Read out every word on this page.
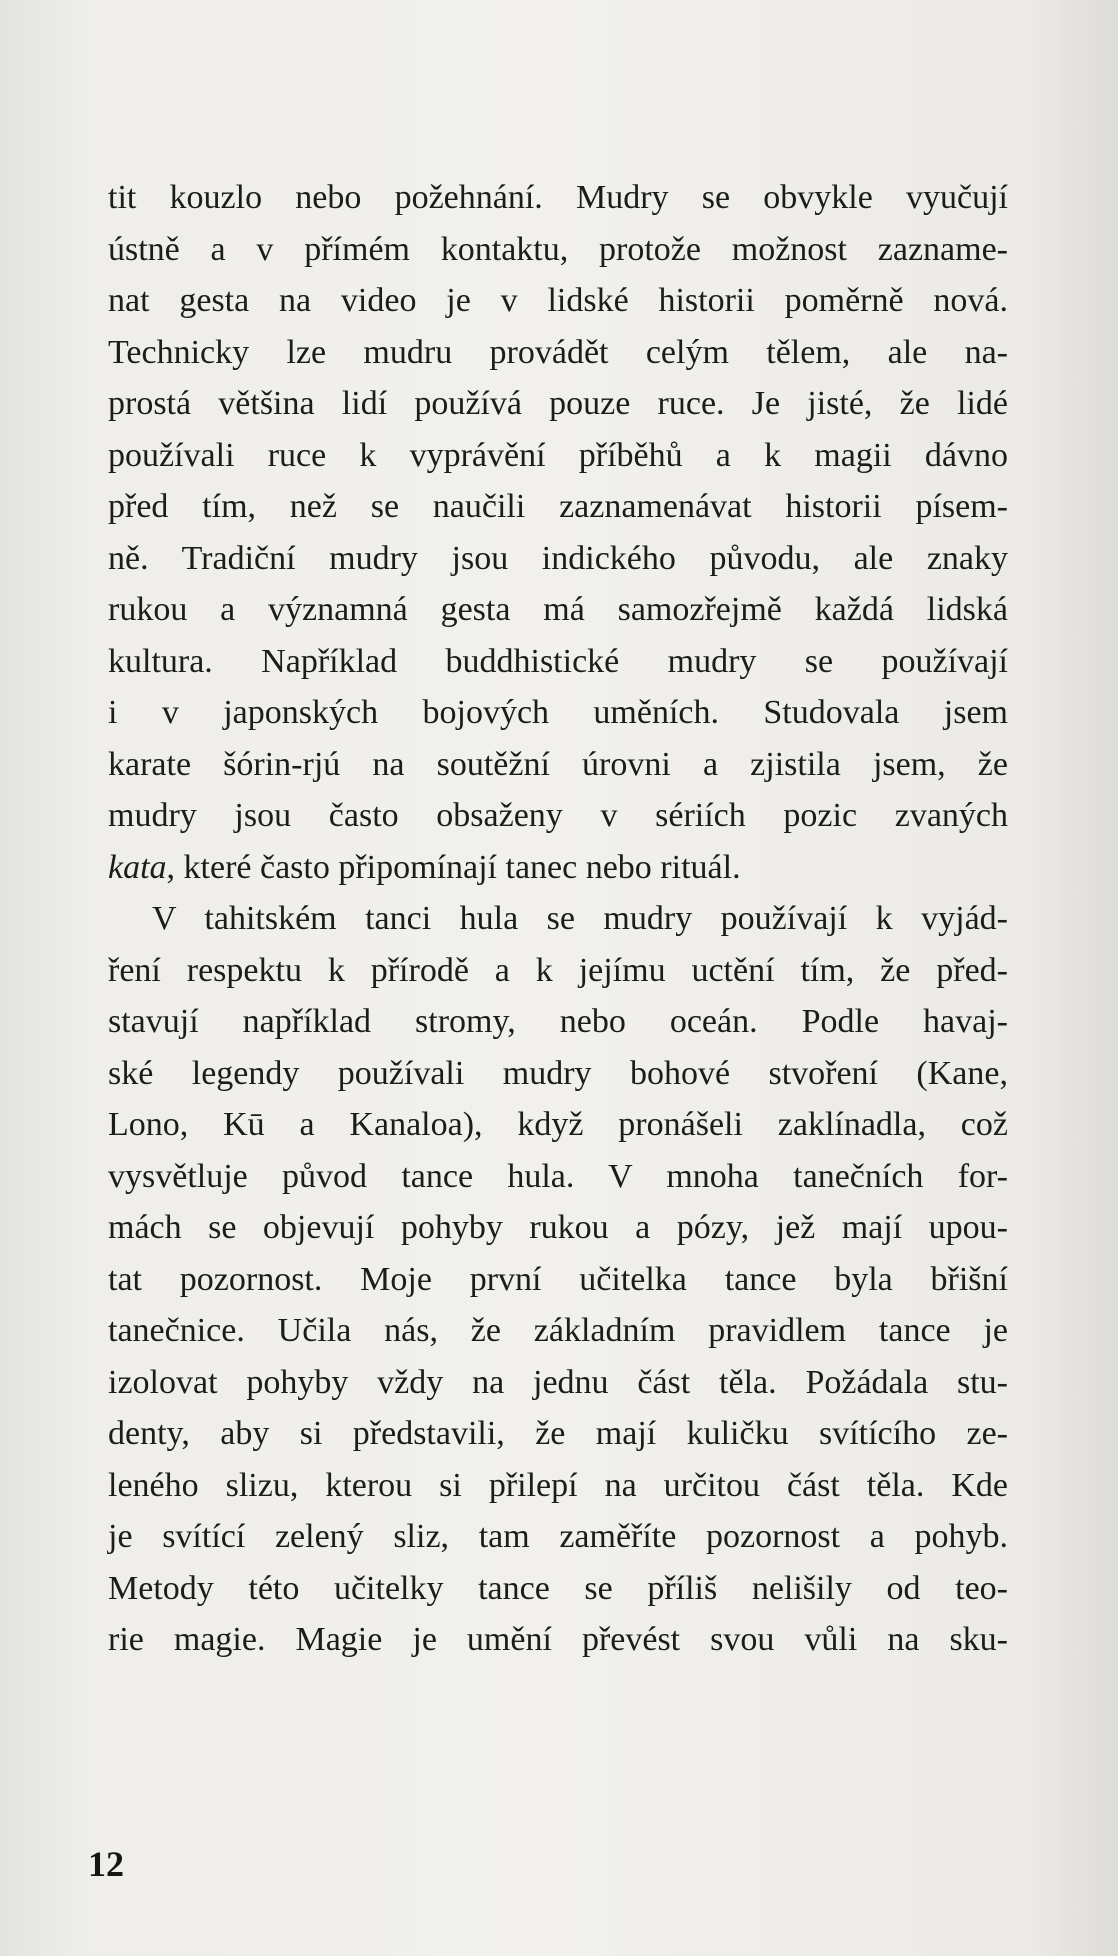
tit kouzlo nebo požehnání. Mudry se obvykle vyučují
ústně a v přímém kontaktu, protože možnost zazname-
nat gesta na video je v lidské historii poměrně nová.
Technicky lze mudru provádět celým tělem, ale na-
prostá většina lidí používá pouze ruce. Je jisté, že lidé
používali ruce k vyprávění příběhů a k magii dávno
před tím, než se naučili zaznamenávat historii písem-
ně. Tradiční mudry jsou indického původu, ale znaky
rukou a významná gesta má samozřejmě každá lidská
kultura. Například buddhistické mudry se používají
i v japonských bojových uměních. Studovala jsem
karate šórin-rjú na soutěžní úrovni a zjistila jsem, že
mudry jsou často obsaženy v sériích pozic zvaných
kata, které často připomínají tanec nebo rituál.
V tahitském tanci hula se mudry používají k vyjád-
ření respektu k přírodě a k jejímu uctění tím, že před-
stavují například stromy, nebo oceán. Podle havaj-
ské legendy používali mudry bohové stvoření (Kane,
Lono, Kū a Kanaloa), když pronášeli zaklínadla, což
vysvětluje původ tance hula. V mnoha tanečních for-
mách se objevují pohyby rukou a pózy, jež mají upou-
tat pozornost. Moje první učitelka tance byla břišní
tanečnice. Učila nás, že základním pravidlem tance je
izolovat pohyby vždy na jednu část těla. Požádala stu-
denty, aby si představili, že mají kuličku svítícího ze-
leného slizu, kterou si přilepí na určitou část těla. Kde
je svítící zelený sliz, tam zaměříte pozornost a pohyb.
Metody této učitelky tance se příliš nelišily od teo-
rie magie. Magie je umění převést svou vůli na sku-
12
